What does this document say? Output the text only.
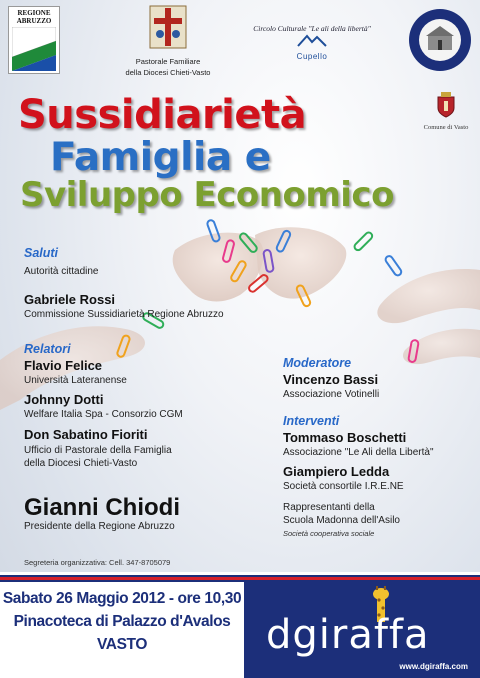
REGIONE ABRUZZO
Pastorale Familiare
della Diocesi Chieti-Vasto
Circolo Culturale "Le ali della libertà"
Cupello
Comune di Vasto
Sussidiarietà
Famiglia e
Sviluppo Economico
Saluti
Autorità cittadine
Gabriele Rossi
Commissione Sussidiarietà Regione Abruzzo
Relatori
Flavio Felice
Università Lateranense
Johnny Dotti
Welfare Italia Spa - Consorzio CGM
Don Sabatino Fioriti
Ufficio di Pastorale della Famiglia
della Diocesi Chieti-Vasto
Gianni Chiodi
Presidente della Regione Abruzzo
Segreteria organizzativa: Cell. 347-8705079
Moderatore
Vincenzo Bassi
Associazione Votinelli
Interventi
Tommaso Boschetti
Associazione "Le Ali della Libertà"
Giampiero Ledda
Società consortile I.R.E.NE
Rappresentanti della
Scuola Madonna dell'Asilo
Società cooperativa sociale
Sabato 26 Maggio 2012 - ore 10,30
Pinacoteca di Palazzo d'Avalos
VASTO	dgiraffa
www.dgiraffa.com
